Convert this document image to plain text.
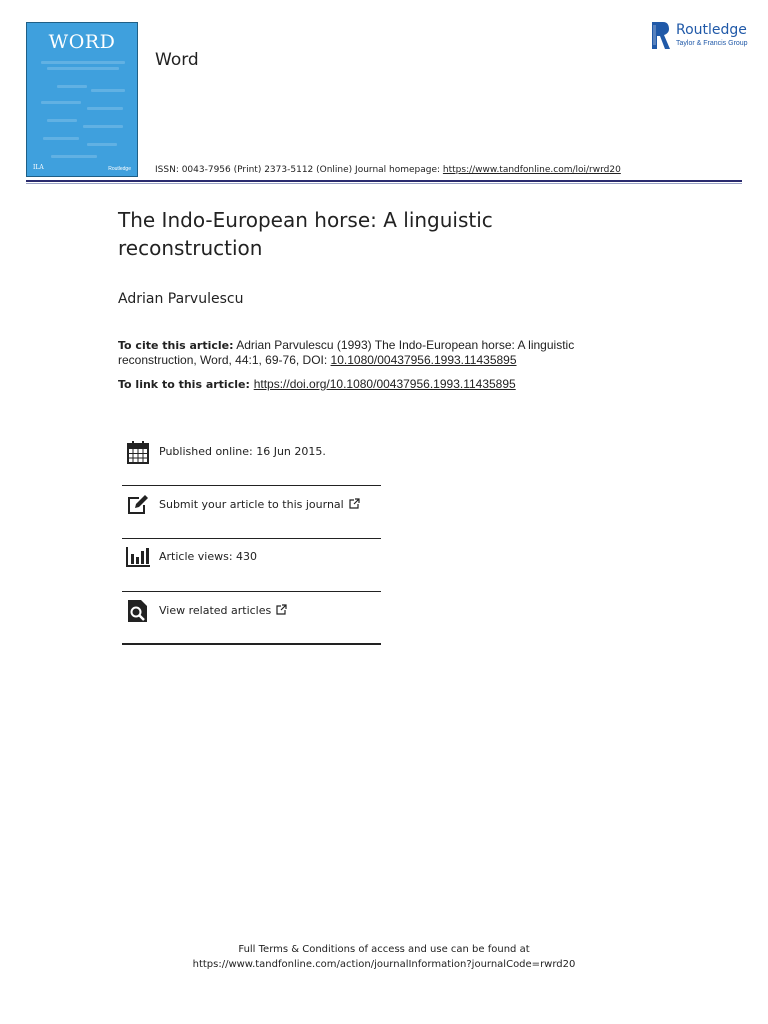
WORD
ILA	Routledge
Word
ISSN: 0043-7956 (Print) 2373-5112 (Online) Journal homepage: https://www.tandfonline.com/loi/rwrd20
Routledge
Taylor & Francis Group
The Indo-European horse: A linguistic reconstruction
Adrian Parvulescu
To cite this article: Adrian Parvulescu (1993) The Indo-European horse: A linguistic reconstruction, Word, 44:1, 69-76, DOI: 10.1080/00437956.1993.11435895
To link to this article: https://doi.org/10.1080/00437956.1993.11435895
Published online: 16 Jun 2015.
Submit your article to this journal
Article views: 430
View related articles
Full Terms & Conditions of access and use can be found at
https://www.tandfonline.com/action/journalInformation?journalCode=rwrd20
